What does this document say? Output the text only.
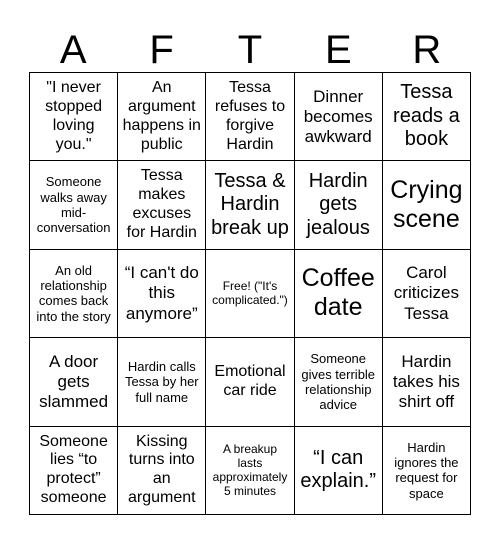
A	F	T	E	R
"I never stopped loving you."
An argument happens in public
Tessa refuses to forgive Hardin
Dinner becomes awkward
Tessa reads a book
Someone walks away mid-conversation
Tessa makes excuses for Hardin
Tessa & Hardin break up
Hardin gets jealous
Crying scene
An old relationship comes back into the story
“I can't do this anymore”
Free! ("It's complicated.")
Coffee date
Carol criticizes Tessa
A door gets slammed
Hardin calls Tessa by her full name
Emotional car ride
Someone gives terrible relationship advice
Hardin takes his shirt off
Someone lies “to protect” someone
Kissing turns into an argument
A breakup lasts approximately 5 minutes
“I can explain.”
Hardin ignores the request for space
